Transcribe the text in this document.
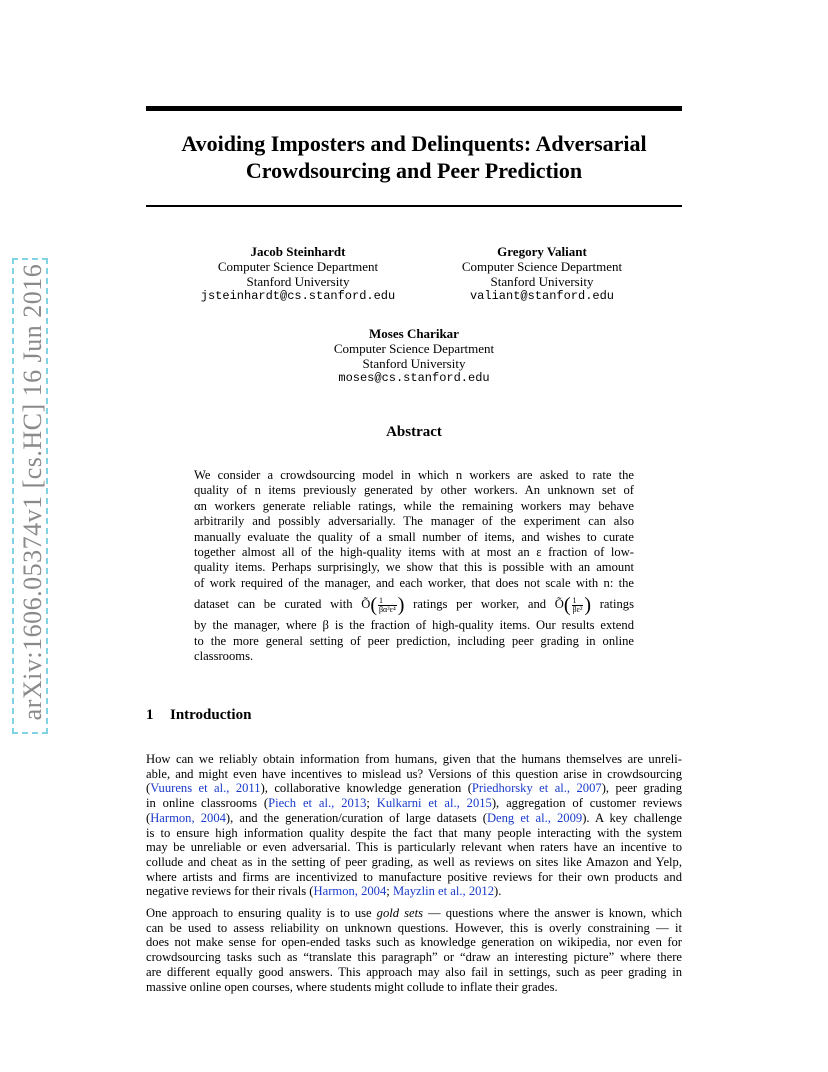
arXiv:1606.05374v1 [cs.HC] 16 Jun 2016
Avoiding Imposters and Delinquents: Adversarial
Crowdsourcing and Peer Prediction
Jacob Steinhardt
Computer Science Department
Stanford University
jsteinhardt@cs.stanford.edu
Gregory Valiant
Computer Science Department
Stanford University
valiant@stanford.edu
Moses Charikar
Computer Science Department
Stanford University
moses@cs.stanford.edu
Abstract
We consider a crowdsourcing model in which n workers are asked to rate the
quality of n items previously generated by other workers. An unknown set of
αn workers generate reliable ratings, while the remaining workers may behave
arbitrarily and possibly adversarially. The manager of the experiment can also
manually evaluate the quality of a small number of items, and wishes to curate
together almost all of the high-quality items with at most an ε fraction of low-
quality items. Perhaps surprisingly, we show that this is possible with an amount
of work required of the manager, and each worker, that does not scale with n: the
dataset can be curated with Õ( $\frac{1}{\text{βα³ε⁴}}$ ) ratings per worker, and Õ( $\frac{1}{\text{βε²}}$ ) ratings
by the manager, where β is the fraction of high-quality items. Our results extend
to the more general setting of peer prediction, including peer grading in online
classrooms.
1 Introduction
How can we reliably obtain information from humans, given that the humans themselves are unreli-
able, and might even have incentives to mislead us? Versions of this question arise in crowdsourcing
(Vuurens et al., 2011), collaborative knowledge generation (Priedhorsky et al., 2007), peer grading
in online classrooms (Piech et al., 2013; Kulkarni et al., 2015), aggregation of customer reviews
(Harmon, 2004), and the generation/curation of large datasets (Deng et al., 2009). A key challenge
is to ensure high information quality despite the fact that many people interacting with the system
may be unreliable or even adversarial. This is particularly relevant when raters have an incentive to
collude and cheat as in the setting of peer grading, as well as reviews on sites like Amazon and Yelp,
where artists and firms are incentivized to manufacture positive reviews for their own products and
negative reviews for their rivals (Harmon, 2004; Mayzlin et al., 2012).
One approach to ensuring quality is to use gold sets — questions where the answer is known, which
can be used to assess reliability on unknown questions. However, this is overly constraining — it
does not make sense for open-ended tasks such as knowledge generation on wikipedia, nor even for
crowdsourcing tasks such as “translate this paragraph” or “draw an interesting picture” where there
are different equally good answers. This approach may also fail in settings, such as peer grading in
massive online open courses, where students might collude to inflate their grades.
